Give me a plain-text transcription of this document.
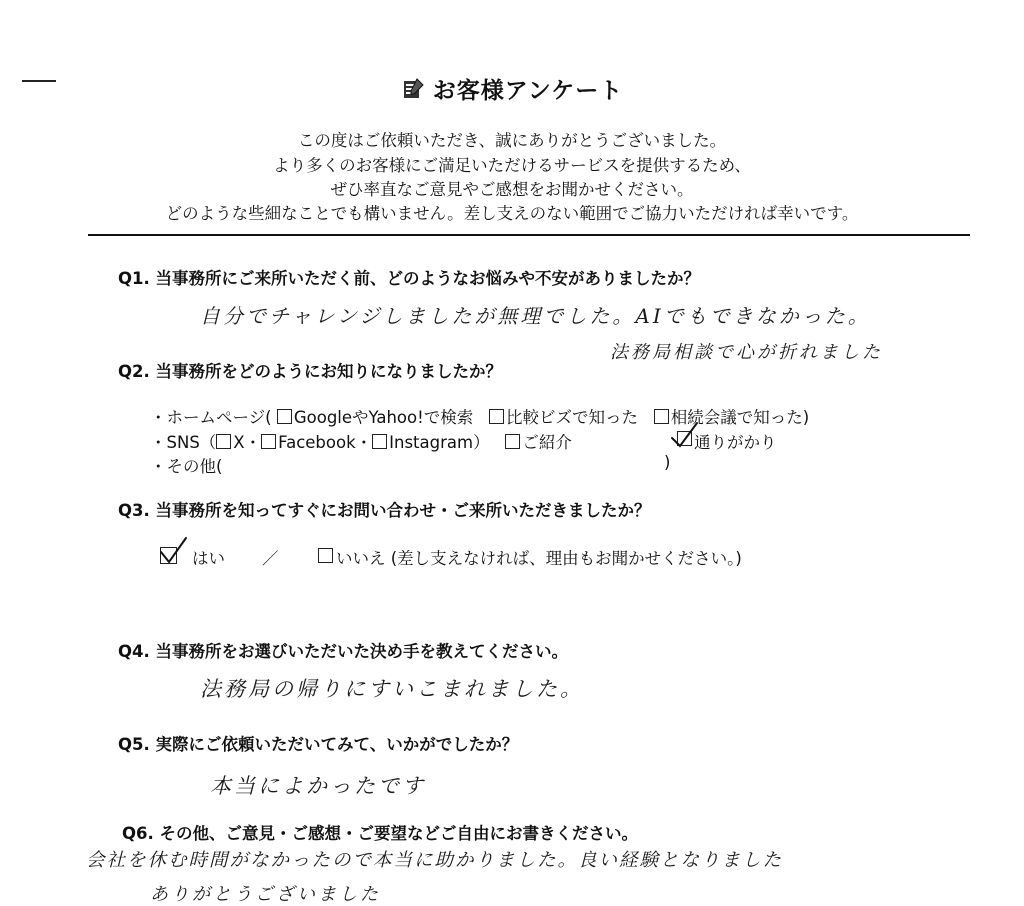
お客様アンケート
この度はご依頼いただき、誠にありがとうございました。
より多くのお客様にご満足いただけるサービスを提供するため、
ぜひ率直なご意見やご感想をお聞かせください。
どのような些細なことでも構いません。差し支えのない範囲でご協力いただければ幸いです。
Q1. 当事務所にご来所いただく前、どのようなお悩みや不安がありましたか？
自分でチャレンジしましたが無理でした。AIでもできなかった。
法務局相談で心が折れました
Q2. 当事務所をどのようにお知りになりましたか？
・ホームページ( GoogleやYahoo!で検索 比較ビズで知った 相続会議で知った)
・SNS（ X・ Facebook・ Instagram） ご紹介	通りがかり
・その他(	)
Q3. 当事務所を知ってすぐにお問い合わせ・ご来所いただきましたか？
はい ／	いいえ (差し支えなければ、理由もお聞かせください。)
Q4. 当事務所をお選びいただいた決め手を教えてください。
法務局の帰りにすいこまれました。
Q5. 実際にご依頼いただいてみて、いかがでしたか？
本当によかったです
Q6. その他、ご意見・ご感想・ご要望などご自由にお書きください。
会社を休む時間がなかったので本当に助かりました。良い経験となりました
ありがとうございました
